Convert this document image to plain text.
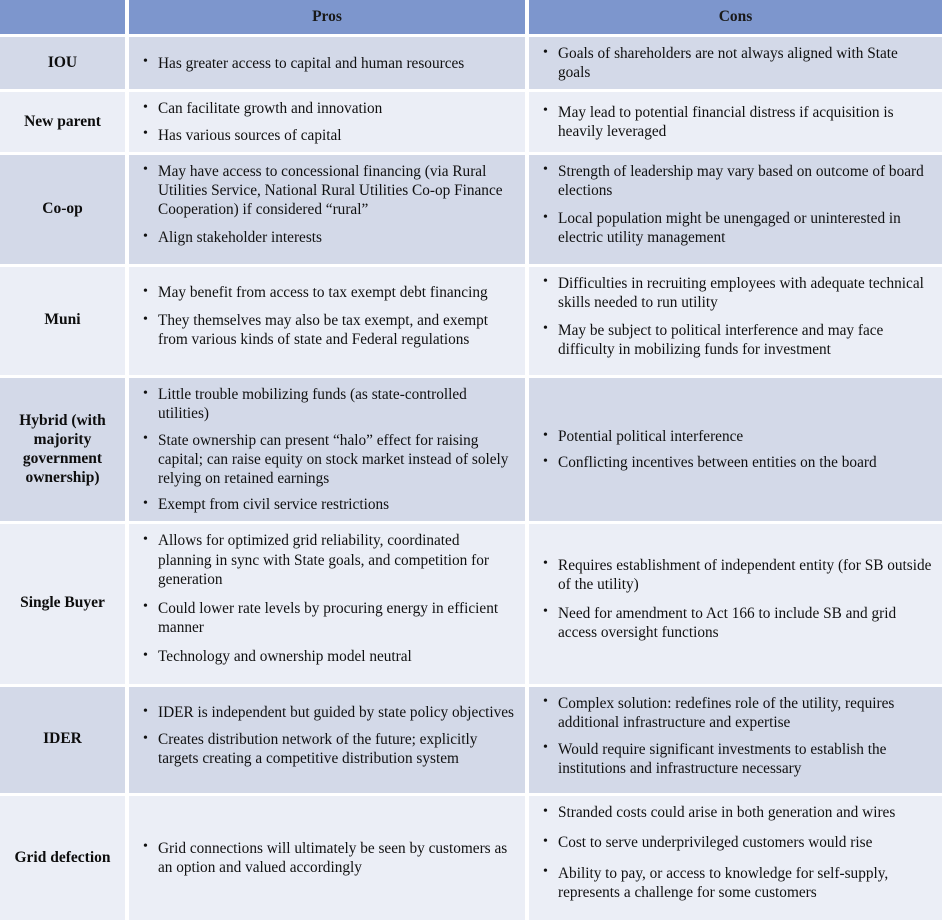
	Pros	Cons
IOU	
•Has greater access to capital and human resources

• Goals of shareholders are not always aligned with State goals

New parent	
• Can facilitate growth and innovation
• Has various sources of capital

• May lead to potential financial distress if acquisition is heavily leveraged

Co-op	
• May have access to concessional financing (via Rural Utilities Service, National Rural Utilities Co-op Finance Cooperation) if considered “rural”
• Align stakeholder interests

• Strength of leadership may vary based on outcome of board elections
• Local population might be unengaged or uninterested in electric utility management

Muni	
• May benefit from access to tax exempt debt financing
• They themselves may also be tax exempt, and exempt from various kinds of state and Federal regulations

• Difficulties in recruiting employees with adequate technical skills needed to run utility
• May be subject to political interference and may face difficulty in mobilizing funds for investment

Hybrid (with majority government ownership)	
• Little trouble mobilizing funds (as state-controlled utilities)
• State ownership can present “halo” effect for raising capital; can raise equity on stock market instead of solely relying on retained earnings
• Exempt from civil service restrictions

• Potential political interference
• Conflicting incentives between entities on the board

Single Buyer	
• Allows for optimized grid reliability, coordinated planning in sync with State goals, and competition for generation
• Could lower rate levels by procuring energy in efficient manner
• Technology and ownership model neutral

• Requires establishment of independent entity (for SB outside of the utility)
• Need for amendment to Act 166 to include SB and grid access oversight functions

IDER	
• IDER is independent but guided by state policy objectives
• Creates distribution network of the future; explicitly targets creating a competitive distribution system

• Complex solution: redefines role of the utility, requires additional infrastructure and expertise
• Would require significant investments to establish the institutions and infrastructure necessary

Grid defection	
• Grid connections will ultimately be seen by customers as an option and valued accordingly

• Stranded costs could arise in both generation and wires
• Cost to serve underprivileged customers would rise
• Ability to pay, or access to knowledge for self-supply, represents a challenge for some customers
